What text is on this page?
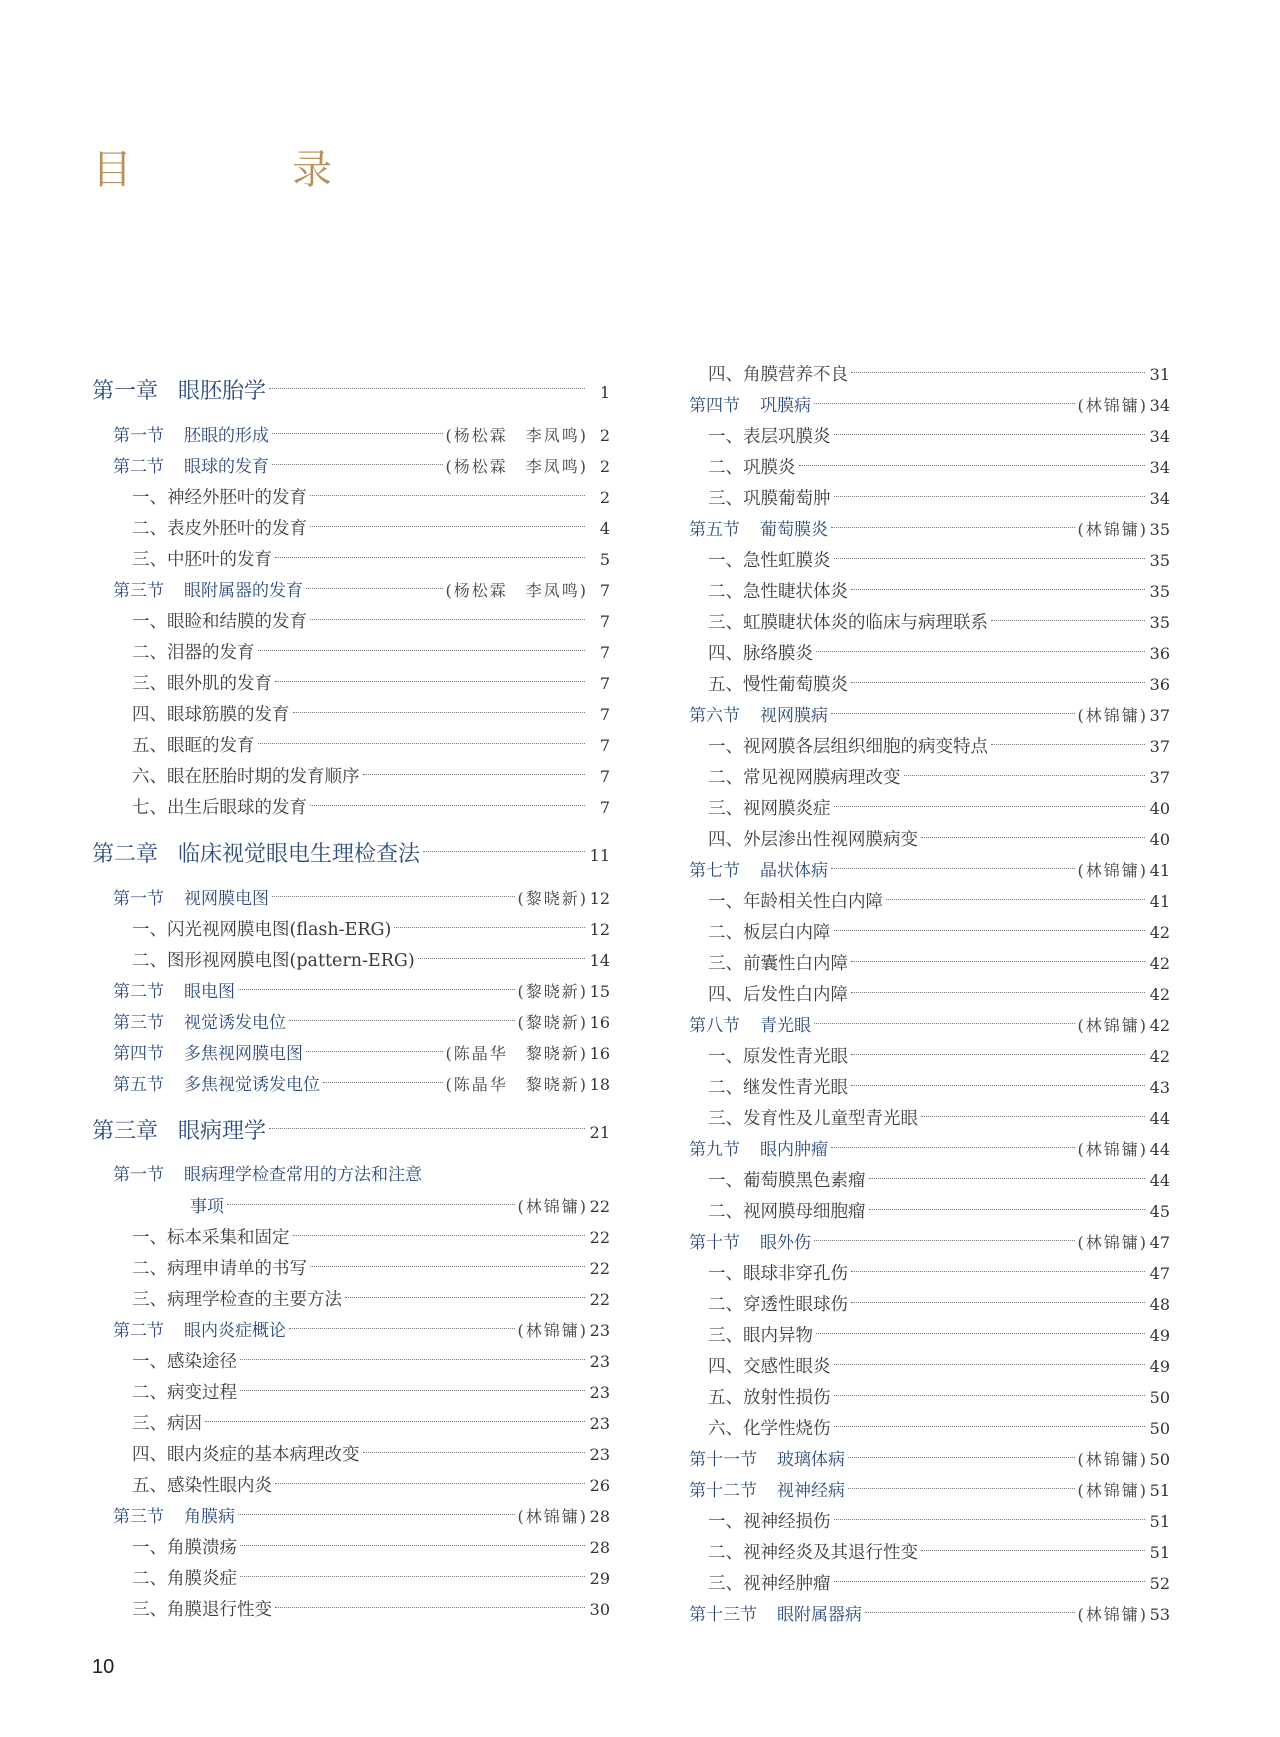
目　录
第一章 眼胚胎学	1
第一节 胚眼的形成	(杨松霖　李凤鸣) 2
第二节 眼球的发育	(杨松霖　李凤鸣) 2
一、神经外胚叶的发育	2
二、表皮外胚叶的发育	4
三、中胚叶的发育	5
第三节 眼附属器的发育	(杨松霖　李凤鸣) 7
一、眼睑和结膜的发育	7
二、泪器的发育	7
三、眼外肌的发育	7
四、眼球筋膜的发育	7
五、眼眶的发育	7
六、眼在胚胎时期的发育顺序	7
七、出生后眼球的发育	7
第二章 临床视觉眼电生理检查法	11
第一节 视网膜电图	(黎晓新) 12
一、闪光视网膜电图(flash-ERG)	12
二、图形视网膜电图(pattern-ERG)	14
第二节 眼电图	(黎晓新) 15
第三节 视觉诱发电位	(黎晓新) 16
第四节 多焦视网膜电图	(陈晶华　黎晓新) 16
第五节 多焦视觉诱发电位	(陈晶华　黎晓新) 18
第三章 眼病理学	21
第一节 眼病理学检查常用的方法和注意
事项	(林锦镛) 22
一、标本采集和固定	22
二、病理申请单的书写	22
三、病理学检查的主要方法	22
第二节 眼内炎症概论	(林锦镛) 23
一、感染途径	23
二、病变过程	23
三、病因	23
四、眼内炎症的基本病理改变	23
五、感染性眼内炎	26
第三节 角膜病	(林锦镛) 28
一、角膜溃疡	28
二、角膜炎症	29
三、角膜退行性变	30
四、角膜营养不良	31
第四节 巩膜病	(林锦镛) 34
一、表层巩膜炎	34
二、巩膜炎	34
三、巩膜葡萄肿	34
第五节 葡萄膜炎	(林锦镛) 35
一、急性虹膜炎	35
二、急性睫状体炎	35
三、虹膜睫状体炎的临床与病理联系	35
四、脉络膜炎	36
五、慢性葡萄膜炎	36
第六节 视网膜病	(林锦镛) 37
一、视网膜各层组织细胞的病变特点	37
二、常见视网膜病理改变	37
三、视网膜炎症	40
四、外层渗出性视网膜病变	40
第七节 晶状体病	(林锦镛) 41
一、年龄相关性白内障	41
二、板层白内障	42
三、前囊性白内障	42
四、后发性白内障	42
第八节 青光眼	(林锦镛) 42
一、原发性青光眼	42
二、继发性青光眼	43
三、发育性及儿童型青光眼	44
第九节 眼内肿瘤	(林锦镛) 44
一、葡萄膜黑色素瘤	44
二、视网膜母细胞瘤	45
第十节 眼外伤	(林锦镛) 47
一、眼球非穿孔伤	47
二、穿透性眼球伤	48
三、眼内异物	49
四、交感性眼炎	49
五、放射性损伤	50
六、化学性烧伤	50
第十一节 玻璃体病	(林锦镛) 50
第十二节 视神经病	(林锦镛) 51
一、视神经损伤	51
二、视神经炎及其退行性变	51
三、视神经肿瘤	52
第十三节 眼附属器病	(林锦镛) 53
10
